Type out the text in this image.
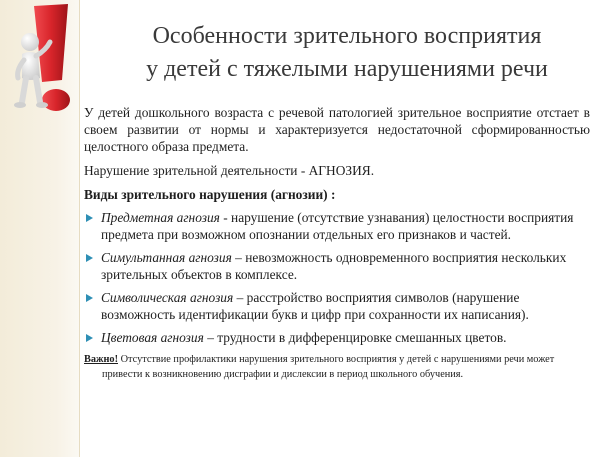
Особенности зрительного восприятия
у детей с тяжелыми нарушениями речи

У детей дошкольного возраста с речевой патологией зрительное восприятие отстает в своем развитии от нормы и характеризуется недостаточной сформированностью целостного образа предмета.

Нарушение зрительной деятельности - АГНОЗИЯ.

Виды зрительного нарушения (агнозии) :

Предметная агнозия - нарушение (отсутствие узнавания) целостности восприятия предмета при возможном опознании отдельных его признаков и частей.
Симультанная агнозия – невозможность одновременного восприятия нескольких зрительных объектов в комплексе.
Символическая агнозия – расстройство восприятия символов (нарушение возможность идентификации букв и цифр при сохранности их написания).
Цветовая агнозия – трудности в дифференцировке смешанных цветов.

Важно! Отсутствие профилактики нарушения зрительного восприятия у детей с нарушениями речи может привести к возникновению дисграфии и дислексии в период школьного обучения.
